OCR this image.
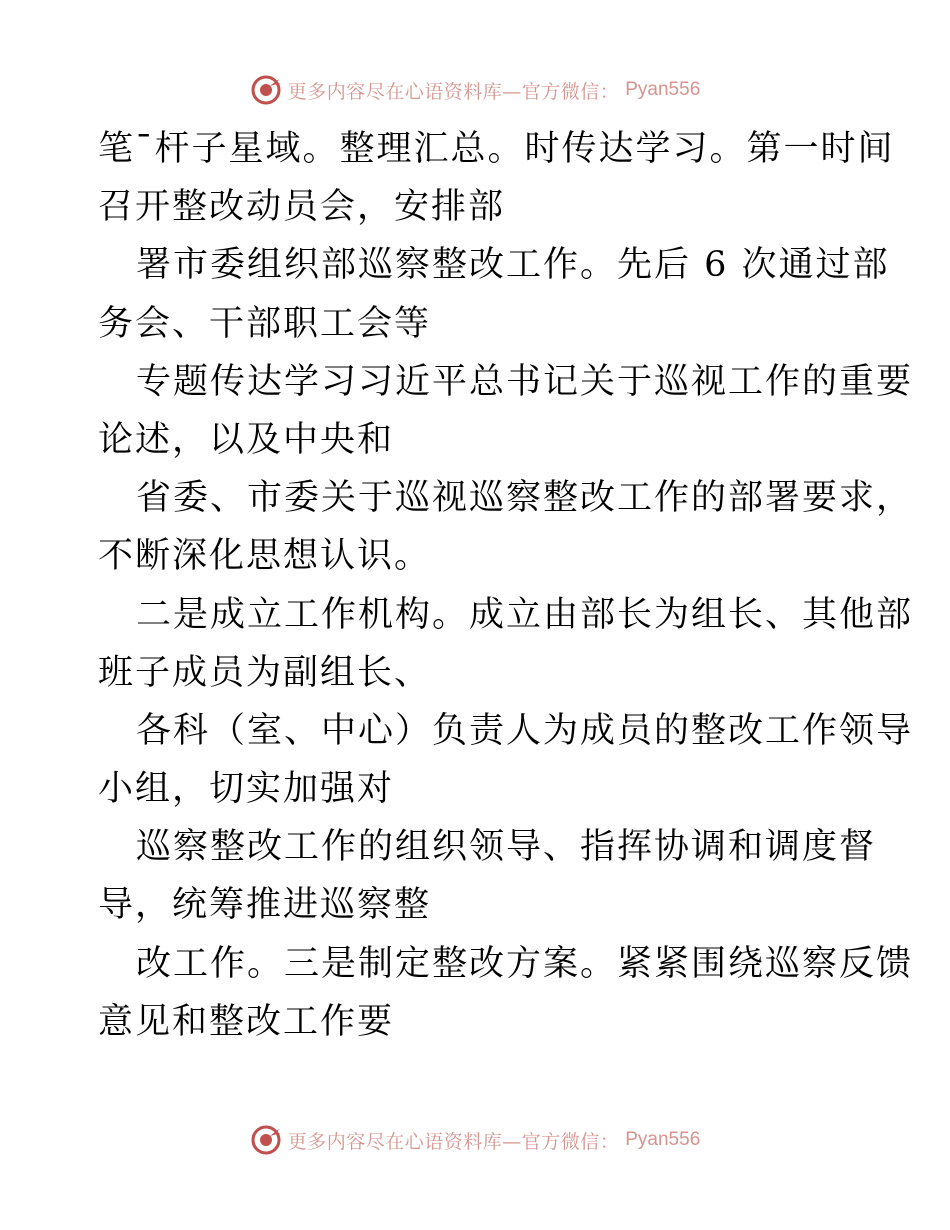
更多内容尽在心语资料库—官方微信： Pyan556
笔¯杆子星域。整理汇总。时传达学习。第一时间
召开整改动员会，安排部
署市委组织部巡察整改工作。先后 6 次通过部
务会、干部职工会等
专题传达学习习近平总书记关于巡视工作的重要
论述，以及中央和
省委、市委关于巡视巡察整改工作的部署要求，
不断深化思想认识。
二是成立工作机构。成立由部长为组长、其他部
班子成员为副组长、
各科（室、中心）负责人为成员的整改工作领导
小组，切实加强对
巡察整改工作的组织领导、指挥协调和调度督
导，统筹推进巡察整
改工作。三是制定整改方案。紧紧围绕巡察反馈
意见和整改工作要
更多内容尽在心语资料库—官方微信： Pyan556
